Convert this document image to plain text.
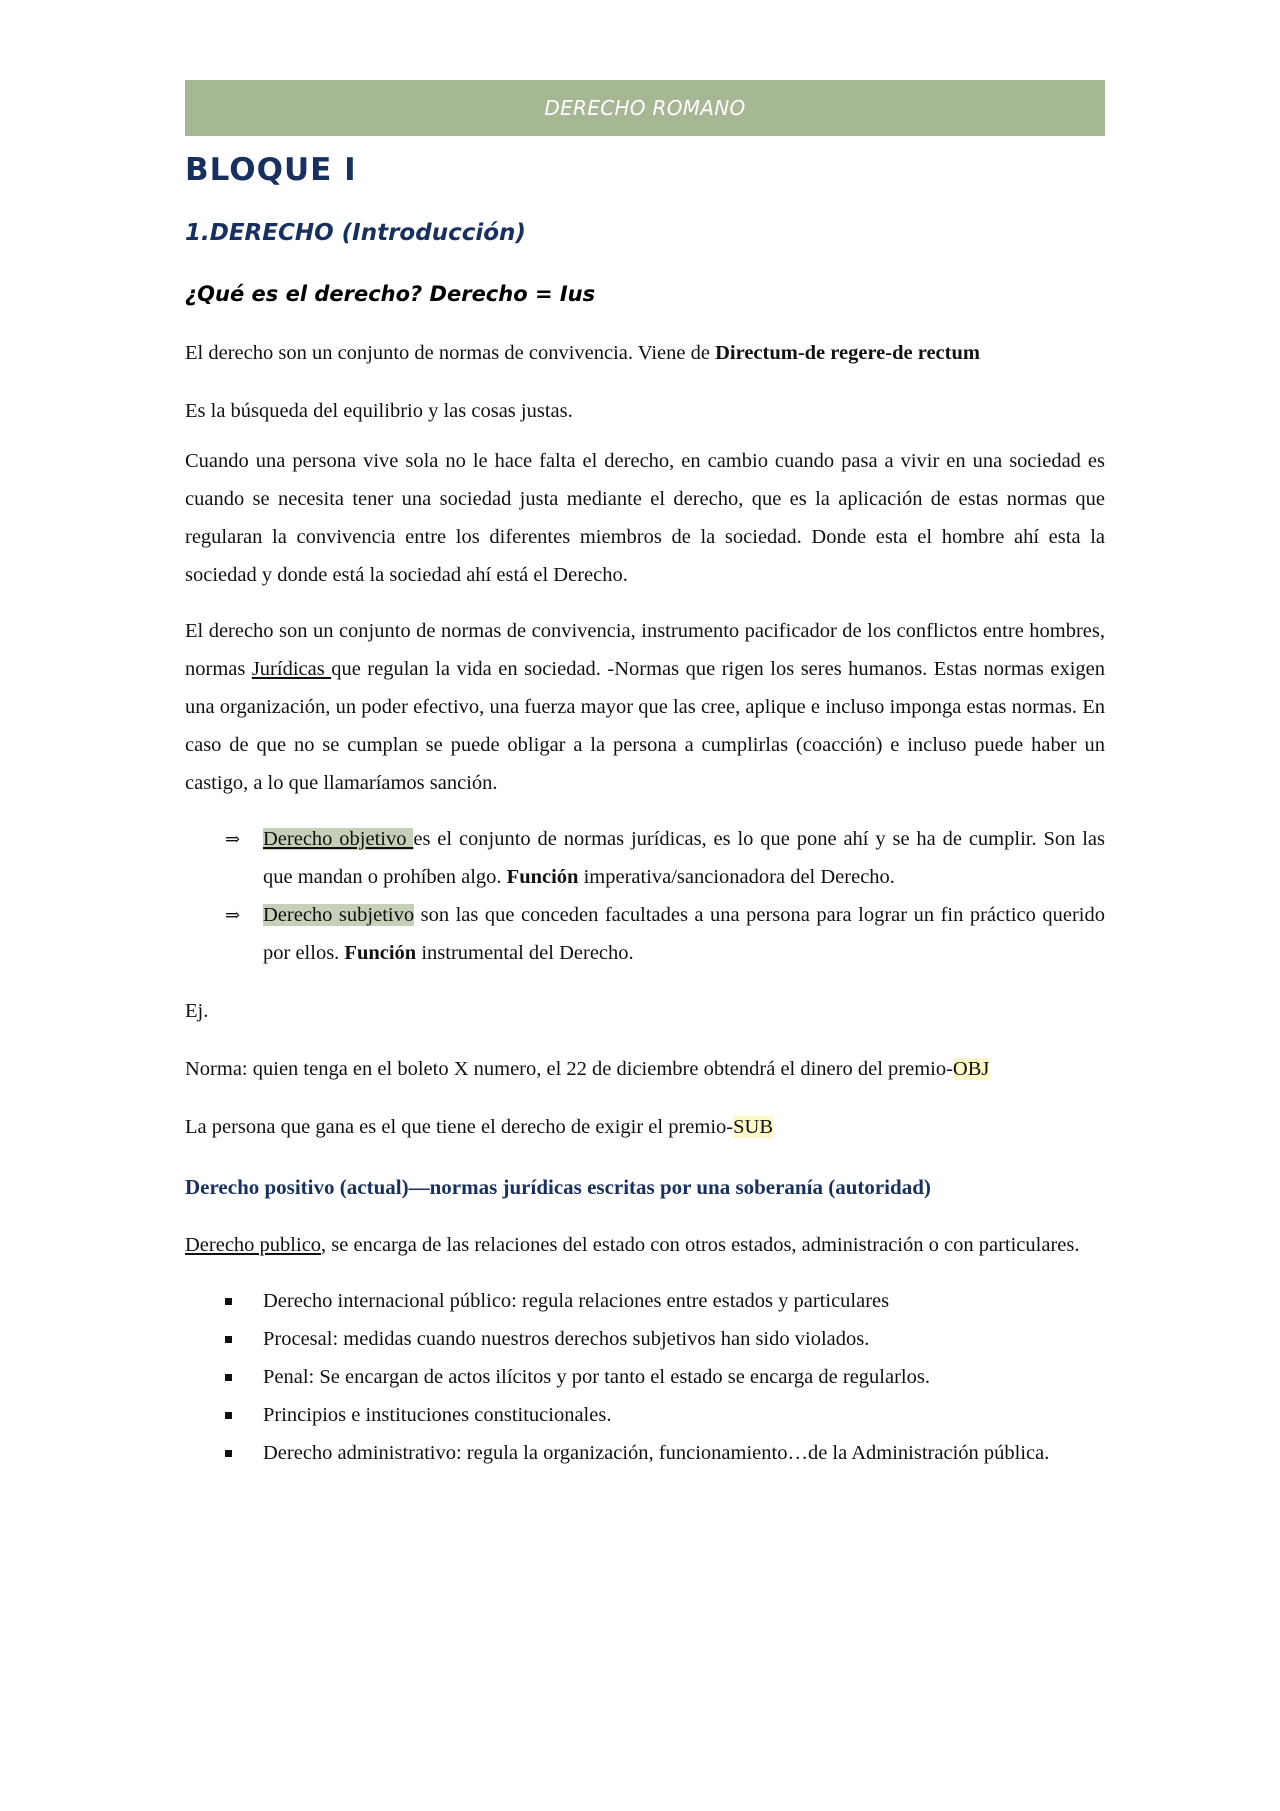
DERECHO ROMANO
BLOQUE I
1.DERECHO (Introducción)
¿Qué es el derecho? Derecho = Ius

El derecho son un conjunto de normas de convivencia. Viene de Directum-de regere-de rectum

Es la búsqueda del equilibrio y las cosas justas.

Cuando una persona vive sola no le hace falta el derecho, en cambio cuando pasa a vivir en una sociedad es cuando se necesita tener una sociedad justa mediante el derecho, que es la aplicación de estas normas que regularan la convivencia entre los diferentes miembros de la sociedad. Donde esta el hombre ahí esta la sociedad y donde está la sociedad ahí está el Derecho.

El derecho son un conjunto de normas de convivencia, instrumento pacificador de los conflictos entre hombres, normas Jurídicas que regulan la vida en sociedad. -Normas que rigen los seres humanos. Estas normas exigen una organización, un poder efectivo, una fuerza mayor que las cree, aplique e incluso imponga estas normas. En caso de que no se cumplan se puede obligar a la persona a cumplirlas (coacción) e incluso puede haber un castigo, a lo que llamaríamos sanción.

⇒	Derecho objetivo es el conjunto de normas jurídicas, es lo que pone ahí y se ha de cumplir. Son las que mandan o prohíben algo. Función imperativa/sancionadora del Derecho.
⇒	Derecho subjetivo son las que conceden facultades a una persona para lograr un fin práctico querido por ellos. Función instrumental del Derecho.

Ej.

Norma: quien tenga en el boleto X numero, el 22 de diciembre obtendrá el dinero del premio-OBJ

La persona que gana es el que tiene el derecho de exigir el premio-SUB

Derecho positivo (actual)—normas jurídicas escritas por una soberanía (autoridad)

Derecho publico, se encarga de las relaciones del estado con otros estados, administración o con particulares.

Derecho internacional público: regula relaciones entre estados y particulares
Procesal: medidas cuando nuestros derechos subjetivos han sido violados.
Penal: Se encargan de actos ilícitos y por tanto el estado se encarga de regularlos.
Principios e instituciones constitucionales.
Derecho administrativo: regula la organización, funcionamiento…de la Administración pública.
